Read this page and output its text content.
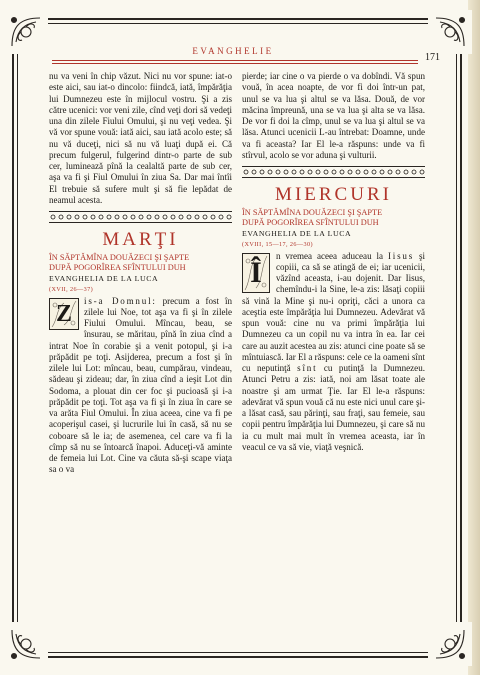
EVANGHELIE
171

nu va veni în chip văzut. Nici nu vor spune: iat-o este aici, sau iat-o dincolo: fiindcă, iată, împărăţia lui Dumnezeu este în mijlocul vostru. Şi a zis către ucenici: vor veni zile, cînd veţi dori să vedeţi una din zilele Fiului Omului, şi nu veţi vedea. Şi vă vor spune vouă: iată aici, sau iată acolo este; să nu vă duceţi, nici să nu vă luaţi după ei. Că precum fulgerul, fulgerind dintr-o parte de sub cer, luminează pînă la cealaltă parte de sub cer, aşa va fi şi Fiul Omului în ziua Sa. Dar mai întîi El trebuie să sufere mult şi să fie lepădat de neamul acesta.

MARŢI

ÎN SĂPTĂMÎNA DOUĂZECI ŞI ŞAPTE

DUPĂ POGORÎREA SFÎNTULUI DUH

EVANGHELIA DE LA LUCA

(XVII, 26—37)

Z is-a Domnul: precum a fost în zilele lui Noe, tot aşa va fi şi în zilele Fiului Omului. Mîncau, beau, se însurau, se măritau, pînă în ziua cînd a intrat Noe în corabie şi a venit potopul, şi i-a prăpădit pe toţi. Asijderea, precum a fost şi în zilele lui Lot: mîncau, beau, cumpărau, vindeau, sădeau şi zideau; dar, în ziua cînd a ieşit Lot din Sodoma, a plouat din cer foc şi pucioasă şi i-a prăpădit pe toţi. Tot aşa va fi şi în ziua în care se va arăta Fiul Omului. În ziua aceea, cine va fi pe acoperişul casei, şi lucrurile lui în casă, să nu se coboare să le ia; de asemenea, cel care va fi la cîmp să nu se întoarcă înapoi. Aduceţi-vă aminte de femeia lui Lot. Cine va căuta să-şi scape viaţa sa o va

pierde; iar cine o va pierde o va dobîndi. Vă spun vouă, în acea noapte, de vor fi doi într-un pat, unul se va lua şi altul se va lăsa. Două, de vor măcina împreună, una se va lua şi alta se va lăsa. De vor fi doi la cîmp, unul se va lua şi altul se va lăsa. Atunci ucenicii L-au întrebat: Doamne, unde va fi aceasta? Iar El le-a răspuns: unde va fi stîrvul, acolo se vor aduna şi vulturii.

MIERCURI

ÎN SĂPTĂMÎNA DOUĂZECI ŞI ŞAPTE

DUPĂ POGORÎREA SFÎNTULUI DUH

EVANGHELIA DE LA LUCA

(XVIII, 15—17, 26—30)

Î n vremea aceea aduceau la Iisus şi copiii, ca să se atingă de ei; iar ucenicii, văzînd aceasta, i-au dojenit. Dar Iisus, chemîndu-i la Sine, le-a zis: lăsaţi copiii să vină la Mine şi nu-i opriţi, căci a unora ca aceştia este împărăţia lui Dumnezeu. Adevărat vă spun vouă: cine nu va primi împărăţia lui Dumnezeu ca un copil nu va intra în ea. Iar cei care au auzit acestea au zis: atunci cine poate să se mîntuiască. Iar El a răspuns: cele ce la oameni sînt cu neputinţă sînt cu putinţă la Dumnezeu. Atunci Petru a zis: iată, noi am lăsat toate ale noastre şi am urmat Ţie. Iar El le-a răspuns: adevărat vă spun vouă că nu este nici unul care şi-a lăsat casă, sau părinţi, sau fraţi, sau femeie, sau copii pentru împărăţia lui Dumnezeu, şi care să nu ia cu mult mai mult în vremea aceasta, iar în veacul ce va să vie, viaţă veşnică.
